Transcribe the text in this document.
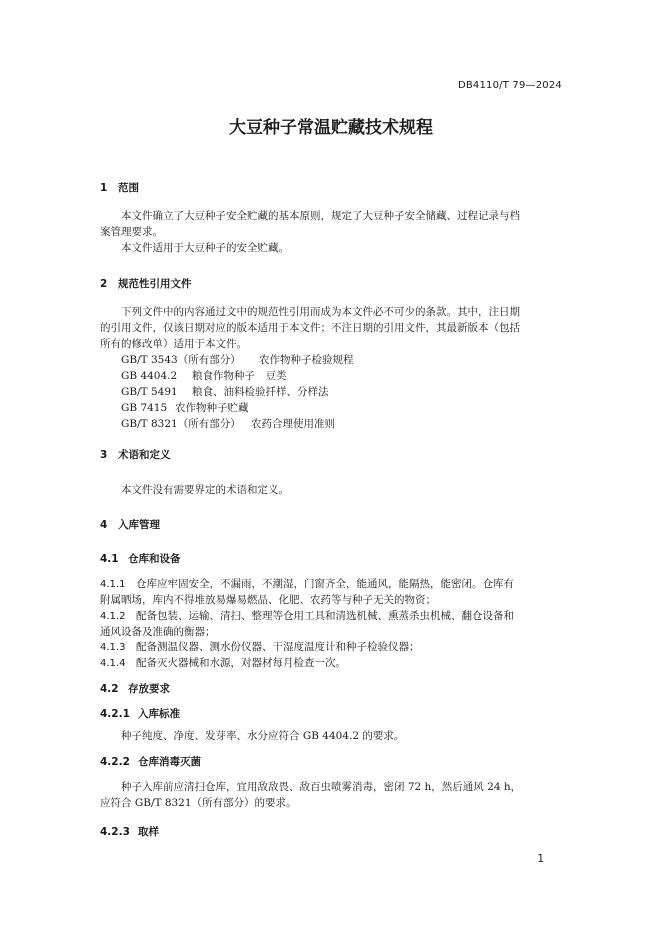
DB4110/T 79—2024
大豆种子常温贮藏技术规程
1 范围
本文件确立了大豆种子安全贮藏的基本原则，规定了大豆种子安全储藏、过程记录与档
案管理要求。
本文件适用于大豆种子的安全贮藏。
2 规范性引用文件
下列文件中的内容通过文中的规范性引用而成为本文件必不可少的条款。其中，注日期
的引用文件，仅该日期对应的版本适用于本文件；不注日期的引用文件，其最新版本（包括
所有的修改单）适用于本文件。
GB/T 3543（所有部分） 农作物种子检验规程
GB 4404.2 粮食作物种子　豆类
GB/T 5491 粮食、油料检验扦样、分样法
GB 7415 农作物种子贮藏
GB/T 8321（所有部分） 农药合理使用准则
3 术语和定义
本文件没有需要界定的术语和定义。
4 入库管理
4.1 仓库和设备
4.1.1 仓库应牢固安全，不漏雨，不潮湿，门窗齐全，能通风，能隔热，能密闭。仓库有
附属晒场，库内不得堆放易爆易燃品、化肥、农药等与种子无关的物资；
4.1.2 配备包装、运输、清扫、整理等仓用工具和清选机械、熏蒸杀虫机械、翻仓设备和
通风设备及准确的衡器；
4.1.3 配备测温仪器、测水份仪器、干湿度温度计和种子检验仪器；
4.1.4 配备灭火器械和水源，对器材每月检查一次。
4.2 存放要求
4.2.1 入库标准
种子纯度、净度、发芽率、水分应符合 GB 4404.2 的要求。
4.2.2 仓库消毒灭菌
种子入库前应清扫仓库，宜用敌敌畏、敌百虫喷雾消毒，密闭 72 h，然后通风 24 h，
应符合 GB/T 8321（所有部分）的要求。
4.2.3 取样
1
